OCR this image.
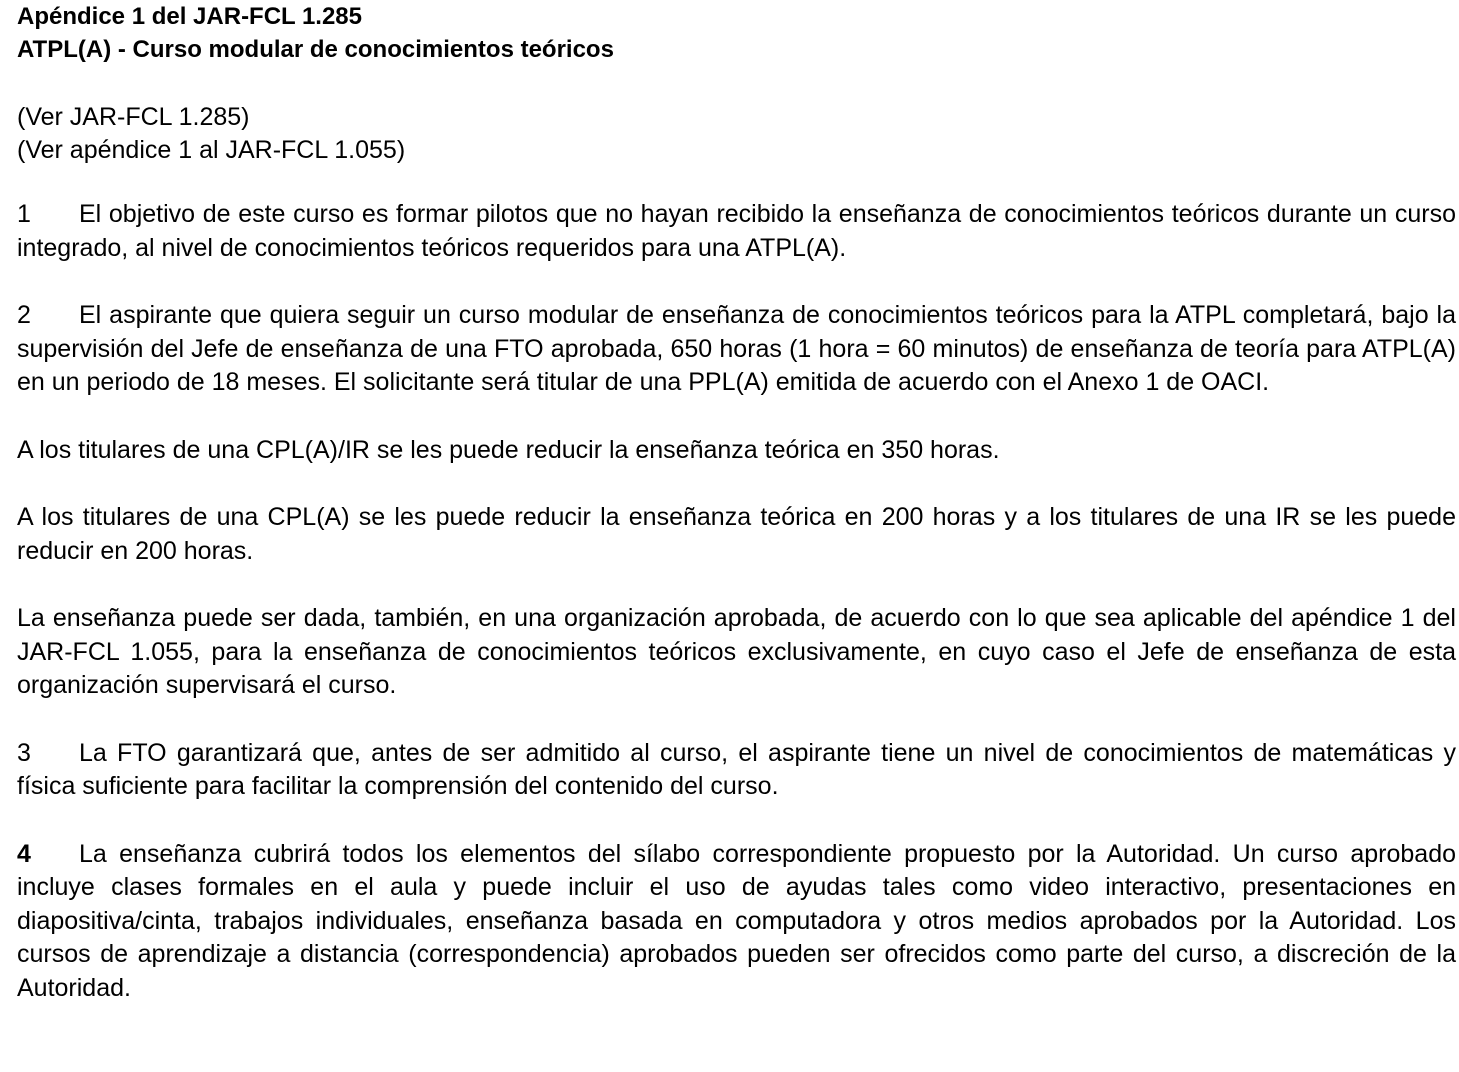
Apéndice 1 del JAR-FCL 1.285
ATPL(A) - Curso modular de conocimientos teóricos
(Ver JAR-FCL 1.285)
(Ver apéndice 1 al JAR-FCL 1.055)

1 El objetivo de este curso es formar pilotos que no hayan recibido la enseñanza de conocimientos teóricos durante un curso integrado, al nivel de conocimientos teóricos requeridos para una ATPL(A).

2 El aspirante que quiera seguir un curso modular de enseñanza de conocimientos teóricos para la ATPL completará, bajo la supervisión del Jefe de enseñanza de una FTO aprobada, 650 horas (1 hora = 60 minutos) de enseñanza de teoría para ATPL(A) en un periodo de 18 meses. El solicitante será titular de una PPL(A) emitida de acuerdo con el Anexo 1 de OACI.

A los titulares de una CPL(A)/IR se les puede reducir la enseñanza teórica en 350 horas.

A los titulares de una CPL(A) se les puede reducir la enseñanza teórica en 200 horas y a los titulares de una IR se les puede reducir en 200 horas.

La enseñanza puede ser dada, también, en una organización aprobada, de acuerdo con lo que sea aplicable del apéndice 1 del JAR-FCL 1.055, para la enseñanza de conocimientos teóricos exclusivamente, en cuyo caso el Jefe de enseñanza de esta organización supervisará el curso.

3 La FTO garantizará que, antes de ser admitido al curso, el aspirante tiene un nivel de conocimientos de matemáticas y física suficiente para facilitar la comprensión del contenido del curso.

4 La enseñanza cubrirá todos los elementos del sílabo correspondiente propuesto por la Autoridad. Un curso aprobado incluye clases formales en el aula y puede incluir el uso de ayudas tales como video interactivo, presentaciones en diapositiva/cinta, trabajos individuales, enseñanza basada en computadora y otros medios aprobados por la Autoridad. Los cursos de aprendizaje a distancia (correspondencia) aprobados pueden ser ofrecidos como parte del curso, a discreción de la Autoridad.
